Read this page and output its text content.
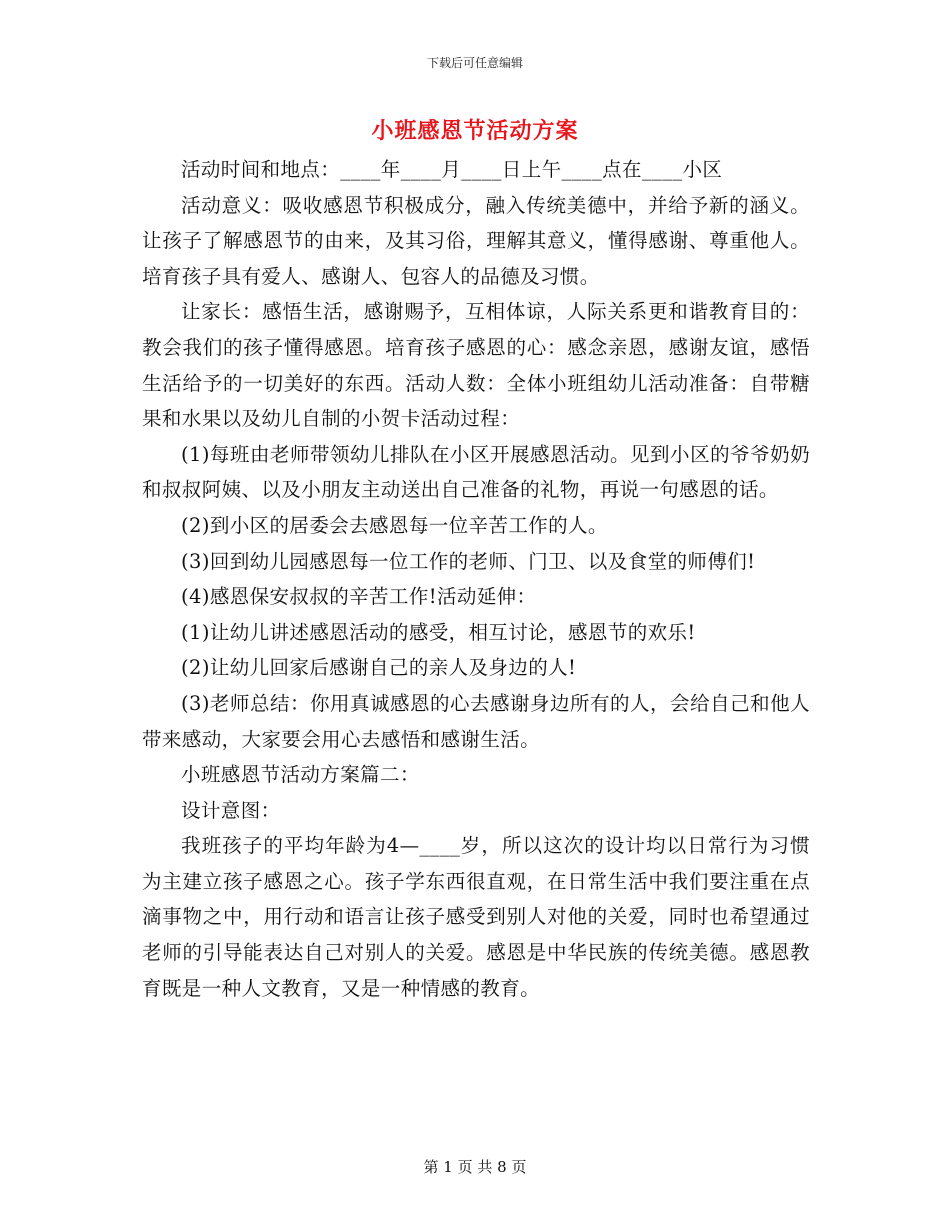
下载后可任意编辑
小班感恩节活动方案

活动时间和地点：____年____月____日上午____点在____小区

活动意义：吸收感恩节积极成分，融入传统美德中，并给予新的涵义。让孩子了解感恩节的由来，及其习俗，理解其意义，懂得感谢、尊重他人。培育孩子具有爱人、感谢人、包容人的品德及习惯。

让家长：感悟生活，感谢赐予，互相体谅，人际关系更和谐教育目的：教会我们的孩子懂得感恩。培育孩子感恩的心：感念亲恩，感谢友谊，感悟生活给予的一切美好的东西。活动人数：全体小班组幼儿活动准备：自带糖果和水果以及幼儿自制的小贺卡活动过程：

(1)每班由老师带领幼儿排队在小区开展感恩活动。见到小区的爷爷奶奶和叔叔阿姨、以及小朋友主动送出自己准备的礼物，再说一句感恩的话。

(2)到小区的居委会去感恩每一位辛苦工作的人。

(3)回到幼儿园感恩每一位工作的老师、门卫、以及食堂的师傅们!

(4)感恩保安叔叔的辛苦工作!活动延伸：

(1)让幼儿讲述感恩活动的感受，相互讨论，感恩节的欢乐!

(2)让幼儿回家后感谢自己的亲人及身边的人!

(3)老师总结：你用真诚感恩的心去感谢身边所有的人，会给自己和他人带来感动，大家要会用心去感悟和感谢生活。

小班感恩节活动方案篇二：

设计意图：

我班孩子的平均年龄为4—____岁，所以这次的设计均以日常行为习惯为主建立孩子感恩之心。孩子学东西很直观，在日常生活中我们要注重在点滴事物之中，用行动和语言让孩子感受到别人对他的关爱，同时也希望通过老师的引导能表达自己对别人的关爱。感恩是中华民族的传统美德。感恩教育既是一种人文教育，又是一种情感的教育。

第 1 页 共 8 页
